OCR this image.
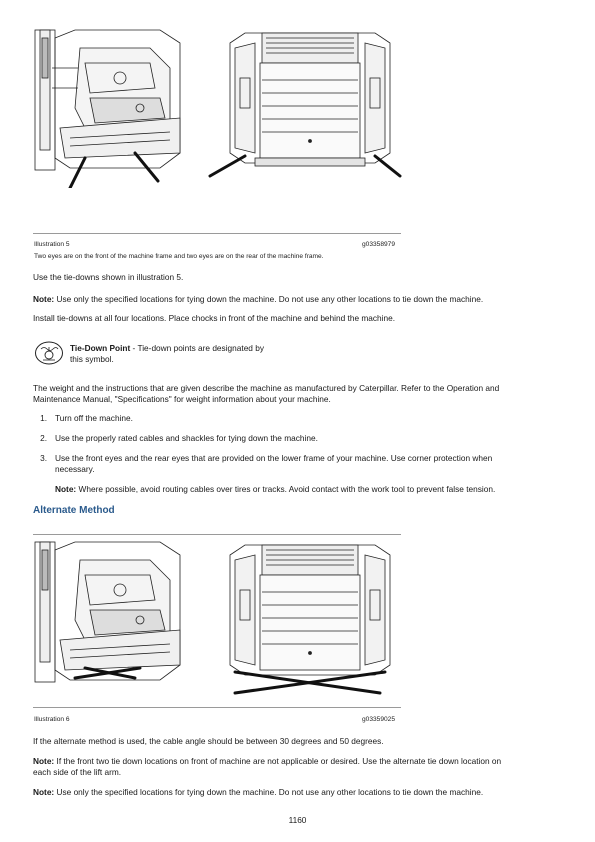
Illustration 5	g03358979
Two eyes are on the front of the machine frame and two eyes are on the rear of the machine frame.
Use the tie-downs shown in illustration 5.
Note: Use only the specified locations for tying down the machine. Do not use any other locations to tie down the machine.
Install tie-downs at all four locations. Place chocks in front of the machine and behind the machine.
Tie-Down Point - Tie-down points are designated by
this symbol.
The weight and the instructions that are given describe the machine as manufactured by Caterpillar. Refer to the Operation and
Maintenance Manual, "Specifications" for weight information about your machine.
1. Turn off the machine.
2. Use the properly rated cables and shackles for tying down the machine.
3. Use the front eyes and the rear eyes that are provided on the lower frame of your machine. Use corner protection when
necessary.
Note: Where possible, avoid routing cables over tires or tracks. Avoid contact with the work tool to prevent false tension.
Alternate Method
Illustration 6	g03359025
If the alternate method is used, the cable angle should be between 30 degrees and 50 degrees.
Note: If the front two tie down locations on front of machine are not applicable or desired. Use the alternate tie down location on
each side of the lift arm.
Note: Use only the specified locations for tying down the machine. Do not use any other locations to tie down the machine.
1160
